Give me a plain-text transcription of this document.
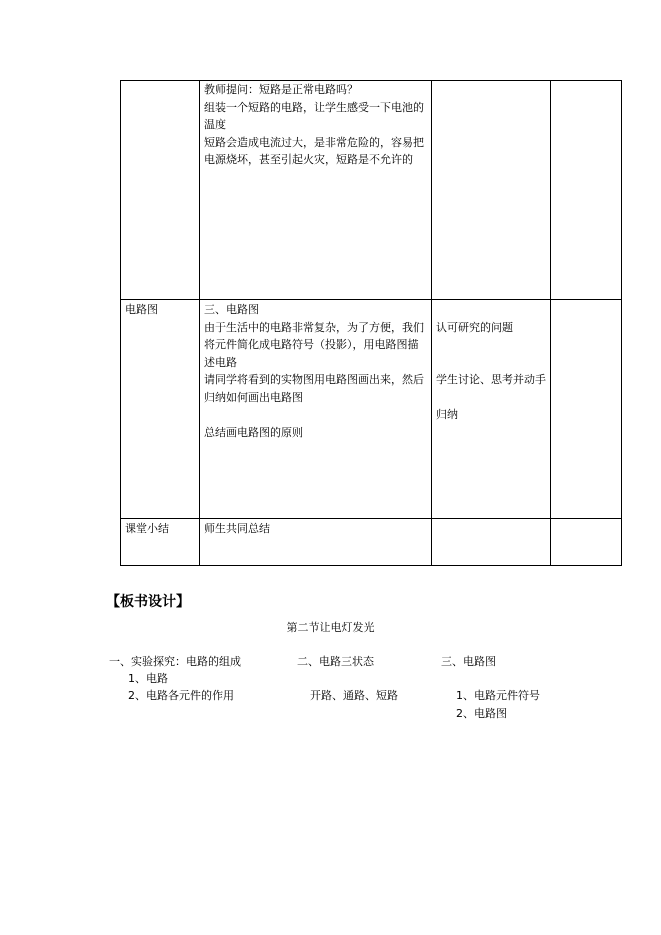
教师提问：短路是正常电路吗？
组装一个短路的电路，让学生感受一下电池的温度
短路会造成电流过大，是非常危险的，容易把电源烧坏，甚至引起火灾，短路是不允许的
电路图	三、电路图
由于生活中的电路非常复杂，为了方便，我们将元件简化成电路符号（投影），用电路图描述电路
请同学将看到的实物图用电路图画出来，然后归纳如何画出电路图

总结画电路图的原则

认可研究的问题

学生讨论、思考并动手

归纳
课堂小结	师生共同总结
【板书设计】
第二节让电灯发光
一、实验探究：电路的组成
1、电路
2、电路各元件的作用
二、电路三状态
开路、通路、短路
三、电路图
1、电路元件符号
2、电路图
